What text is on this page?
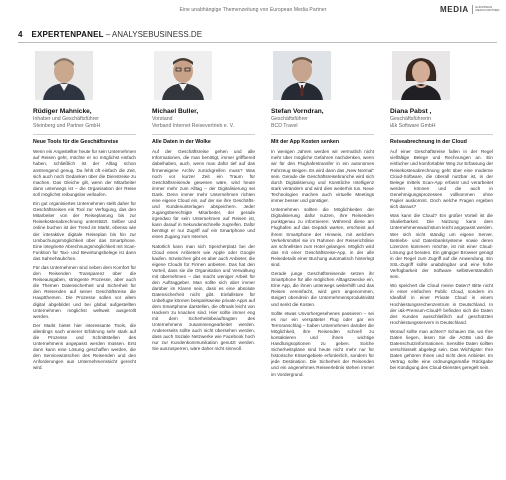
Eine unabhängige Themenzeitung von European Media Partner	MEDIA EUROPEAN MEDIA PARTNER
4 EXPERTENPANEL – ANALYSEBUSINESS.DE
Rüdiger Mahnicke,
Inhaber und Geschäftsführer
Steinberg und Partner GmbH
Neue Tools für die Geschäftsreise

Wenn ein Angestellter heute für sein Unternehmen auf Reisen geht, möchte er so möglichst einfach haben, schließlich ist der Alltag schon anstrengend genug. Da fehlt oft einfach die Zeit, sich auch noch Gedanken über die Dienstreise zu machen. Das Gleiche gilt, wenn der Mitarbeiter dann unterwegs ist – die Organisation der Reise soll möglichst reibungslos verlaufen.

Ein gut organisiertes Unternehmen stellt daher für Geschäftsreisen ein Tool zur Verfügung, das den Mitarbeiter von der Reiseplanung bis zur Reisekostenabrechnung unterstützt. Selber und online buchen ist der Trend im Markt, ebenso wie der interaktive digitale Reiseplan bis hin zur Umbuchungsmöglichkeit über das Smartphone. Eine integrierte Abrechnungsmöglichkeit mit Scan-Funktion für Taxi- und Bewirtungsbelege ist dann das Sahnehäubchen.

Für das Unternehmen sind neben dem Komfort für den Reisenden Transparenz über die Reiseausgaben, stringente Prozesse, aber auch die Themen Datensicherheit und Sicherheit für den Reisenden auf seiner Geschäftsreise die Hauptthemen. Die Prozesse sollen vor allem digital abgebildet und bei global aufgestellten Unternehmen möglichst weltweit ausgerollt werden.

Der Markt bietet hier interessante Tools, die allerdings nach unserer Erfahrung sehr stark auf die Prozesse und Schnittstellen des Unternehmens angepasst werden müssen. Erst dann kann eine Lösung geschaffen werden, die den Servicewünschen des Reisenden und den Anforderungen aus Unternehmenssicht gerecht wird.

Michael Buller,
Vorstand
Verband Internet Reisevertrieb e. V.
Alle Daten in der Wolke

Auf der Geschäftsreise gehen und alle Informationen, die man benötigt, immer griffbereit dabeihaben, auch, wenn man dafür tief auf das firmeneigene Archiv zurückgreifen muss? Was noch vor kurzer Zeit ein Traum für Geschäftsreisende gewesen wäre, wird heute immer mehr zum Alltag – der Digitalisierung sei Dank. Denn immer mehr Unternehmen richten eine eigene Cloud ein, auf der sie ihre Geschäfts- und Kundenunterlagen abspeichern. Jeder zugangsberechtigte Mitarbeiter, der gerade irgendwo für sein Unternehmen auf Reisen ist, kann darauf in Sekundenschnelle zugreifen. Dafür benötigt er nur Zugriff auf ein Smartphone und einen Zugang zum Internet.

Natürlich kann man sich Speicherplatz bei der Cloud eines Anbieters wie Apple oder Google kaufen. Inzwischen gibt es aber auch Anbieter, die eigene Clouds für Firmen anbieten. Das hat den Vorteil, dass sie die Organisation und Verwaltung mit übernehmen – das macht weniger Arbeit für den Auftraggeber. Man sollte sich aber immer darüber im Klaren sein, dass es eine absolute Datensicherheit nicht gibt. Einfallstore für Unbefugte können beispielsweise private Apps auf dem Smartphone darstellen, die oftmals leicht von Hackern zu knacken sind. Hier sollte immer eng mit dem Sicherheitsbeauftragten des Unternehmens zusammengearbeitet werden. Andererseits sollte auch nicht übersehen werden, dass auch Soziale Netzwerke wie Facebook hoch nur zur Kundenkommunikation genutzt werden. Sie auszusperren, wäre daher nicht sinnvoll.

Stefan Vorndran,
Geschäftsführer
BCD Travel
Mit der App Kosten senken

In wenigen Jahren werden wir vermutlich nicht mehr über mögliche Gefahren nachdenken, wenn wir für den Flughafentransfer in ein autonomes Fahrzeug steigen. Es wird dann das „New Normal“ sein. Gerade die Geschäftsreisebranche wird sich durch Digitalisierung und Künstliche Intelligenz stark verändern und wird dies weiterhin tun. Neue Technologien machen auch virtuelle Meetings immer besser und günstiger.

Unternehmen sollten die Möglichkeiten der Digitalisierung dafür nutzen, ihre Reisenden punktgenau zu informieren: Während diese am Flughafen auf das Gepäck warten, erscheint auf ihrem Smartphone der Hinweis, mit welchem Verkehrsmittel sie im Rahmen der Reiserichtlinie am schnellsten zum Hotel gelangen. Möglich wird das mit einer Geschäftsreise-App, in der alle Reisedetails einer Buchung automatisch hinterlegt sind.

Gerade junge Geschäftsreisende setzen ihr Smartphone für alle möglichen Alltagszwecke ein. Eine App, die ihnen unterwegs weiterhilft und das Reisen vereinfacht, wird gern angenommen, steigert obendrein die Unternehmensproduktivität und senkt die Kosten.

Sollte etwas Unvorhergesehenes passieren – sei es nur ein verspäteter Flug oder gar ein Terroranschlag – haben Unternehmen darüber die Möglichkeit, ihre Reisenden schnell zu kontaktieren und ihnen wichtige Handlungsoptionen zu geben. Solche Sicherheitspläne sind heute nicht mehr nur für historische Krisengebiete erforderlich, sondern für jede Destination. Die Sicherheit der Reisenden und ein angenehmes Reiseerlebnis stehen immer im Vordergrund.

Diana Pabst ,
Geschäftsführerin
i&k Software GmbH
Reiseabrechnung in der Cloud

Auf einer Geschäftsreise fallen in der Regel vielfältige Belege und Rechnungen an. Ein einfacher und komfortabler Weg zur Erfassung der Reisekostenabrechnung geht über eine moderne Cloud-Software, die überall nutzbar ist, in der Belege mittels Scan-App erfasst und verarbeitet werden können und die auch in Genehmigungsprozessen vollkommen ohne Papier auskommt. Doch welche Fragen ergeben sich daraus?

Was kann die Cloud? Ein großer Vorteil ist die Skalierbarkeit. Die Nutzung kann dem Unternehmenswachstum leicht angepasst werden. Wer sich nicht ständig um eigene Server, Betriebs- und Datenbanksysteme sowie deren Lizenzen kümmern möchte, ist mit einer Cloud-Lösung gut beraten. Ein gängiger Browser genügt in der Regel zum Zugriff auf die Anwendung. Ein SSL-Zugriff sollte unabdingbar und eine hohe Verfügbarkeit der Software selbstverständlich sein.

Wo speichert die Cloud meine Daten? Bitte nicht in einer einfachen Public Cloud, sondern im Idealfall in einer Private Cloud in einem Hochleistungsrechenzentrum in Deutschland. In der i&k-Premium-Cloud® befinden sich die Daten des Kunden ausschließlich auf geschützten Hochleistungsservern in Deutschland.

Worauf sollte man achten? Schauen Sie, wo Ihre Daten liegen, lesen Sie die AGBs und die Datenschutzinformationen. Sensible Daten sollten verschlüsselt abgelegt sein. Das Wichtigste: Ihre Daten gehören Ihnen und nicht dem Anbieter. Im Vertrag sollte eine ordnungsgemäße Rückgabe bei Kündigung des Cloud-Dienstes geregelt sein.
